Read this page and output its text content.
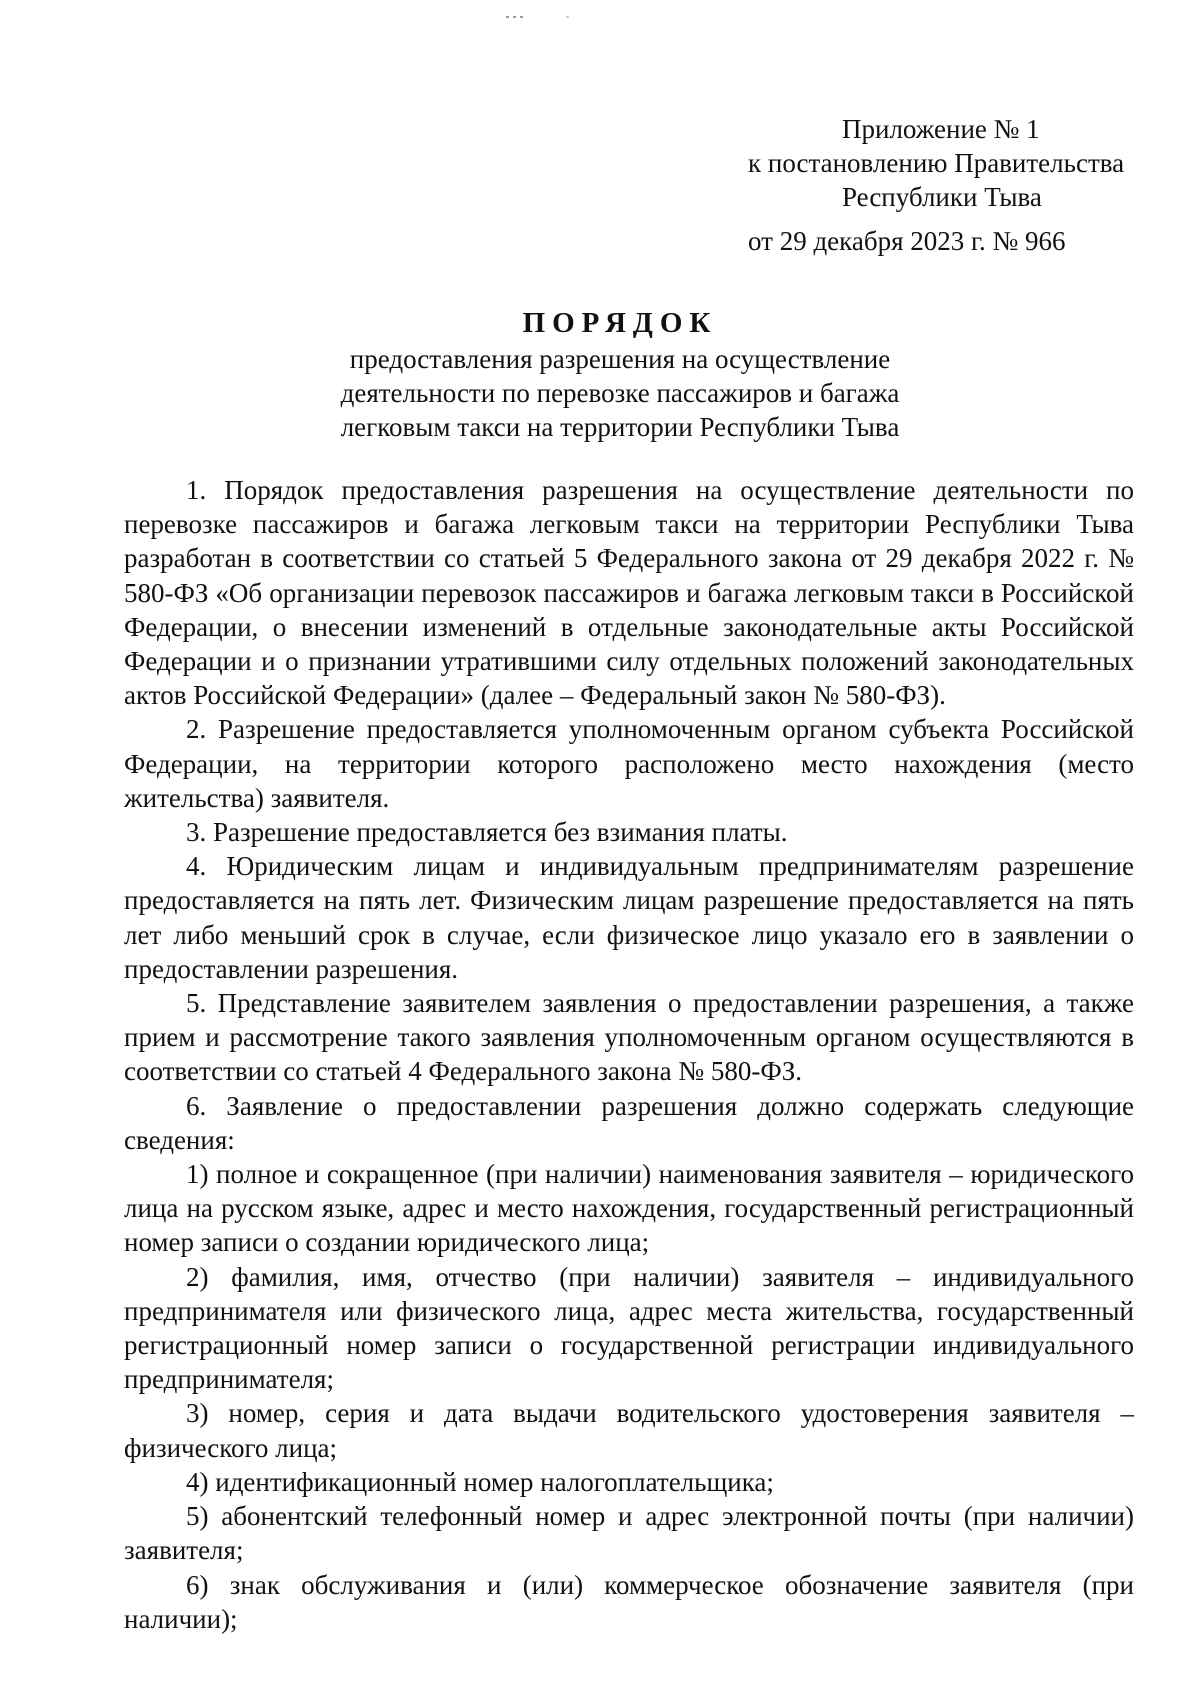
Приложение № 1
к постановлению Правительства
Республики Тыва
от 29 декабря 2023 г. № 966
ПОРЯДОК
предоставления разрешения на осуществление
деятельности по перевозке пассажиров и багажа
легковым такси на территории Республики Тыва

1. Порядок предоставления разрешения на осуществление деятельности по перевозке пассажиров и багажа легковым такси на территории Республики Тыва разработан в соответствии со статьей 5 Федерального закона от 29 декабря 2022 г. № 580-ФЗ «Об организации перевозок пассажиров и багажа легковым такси в Российской Федерации, о внесении изменений в отдельные законодательные акты Российской Федерации и о признании утратившими силу отдельных положений законодательных актов Российской Федерации» (далее – Федеральный закон № 580-ФЗ).

2. Разрешение предоставляется уполномоченным органом субъекта Российской Федерации, на территории которого расположено место нахождения (место жительства) заявителя.

3. Разрешение предоставляется без взимания платы.

4. Юридическим лицам и индивидуальным предпринимателям разрешение предоставляется на пять лет. Физическим лицам разрешение предоставляется на пять лет либо меньший срок в случае, если физическое лицо указало его в заявлении о предоставлении разрешения.

5. Представление заявителем заявления о предоставлении разрешения, а также прием и рассмотрение такого заявления уполномоченным органом осуществляются в соответствии со статьей 4 Федерального закона № 580-ФЗ.

6. Заявление о предоставлении разрешения должно содержать следующие сведения:

1) полное и сокращенное (при наличии) наименования заявителя – юридического лица на русском языке, адрес и место нахождения, государственный регистрационный номер записи о создании юридического лица;

2) фамилия, имя, отчество (при наличии) заявителя – индивидуального предпринимателя или физического лица, адрес места жительства, государственный регистрационный номер записи о государственной регистрации индивидуального предпринимателя;

3) номер, серия и дата выдачи водительского удостоверения заявителя – физического лица;

4) идентификационный номер налогоплательщика;

5) абонентский телефонный номер и адрес электронной почты (при наличии) заявителя;

6) знак обслуживания и (или) коммерческое обозначение заявителя (при наличии);
